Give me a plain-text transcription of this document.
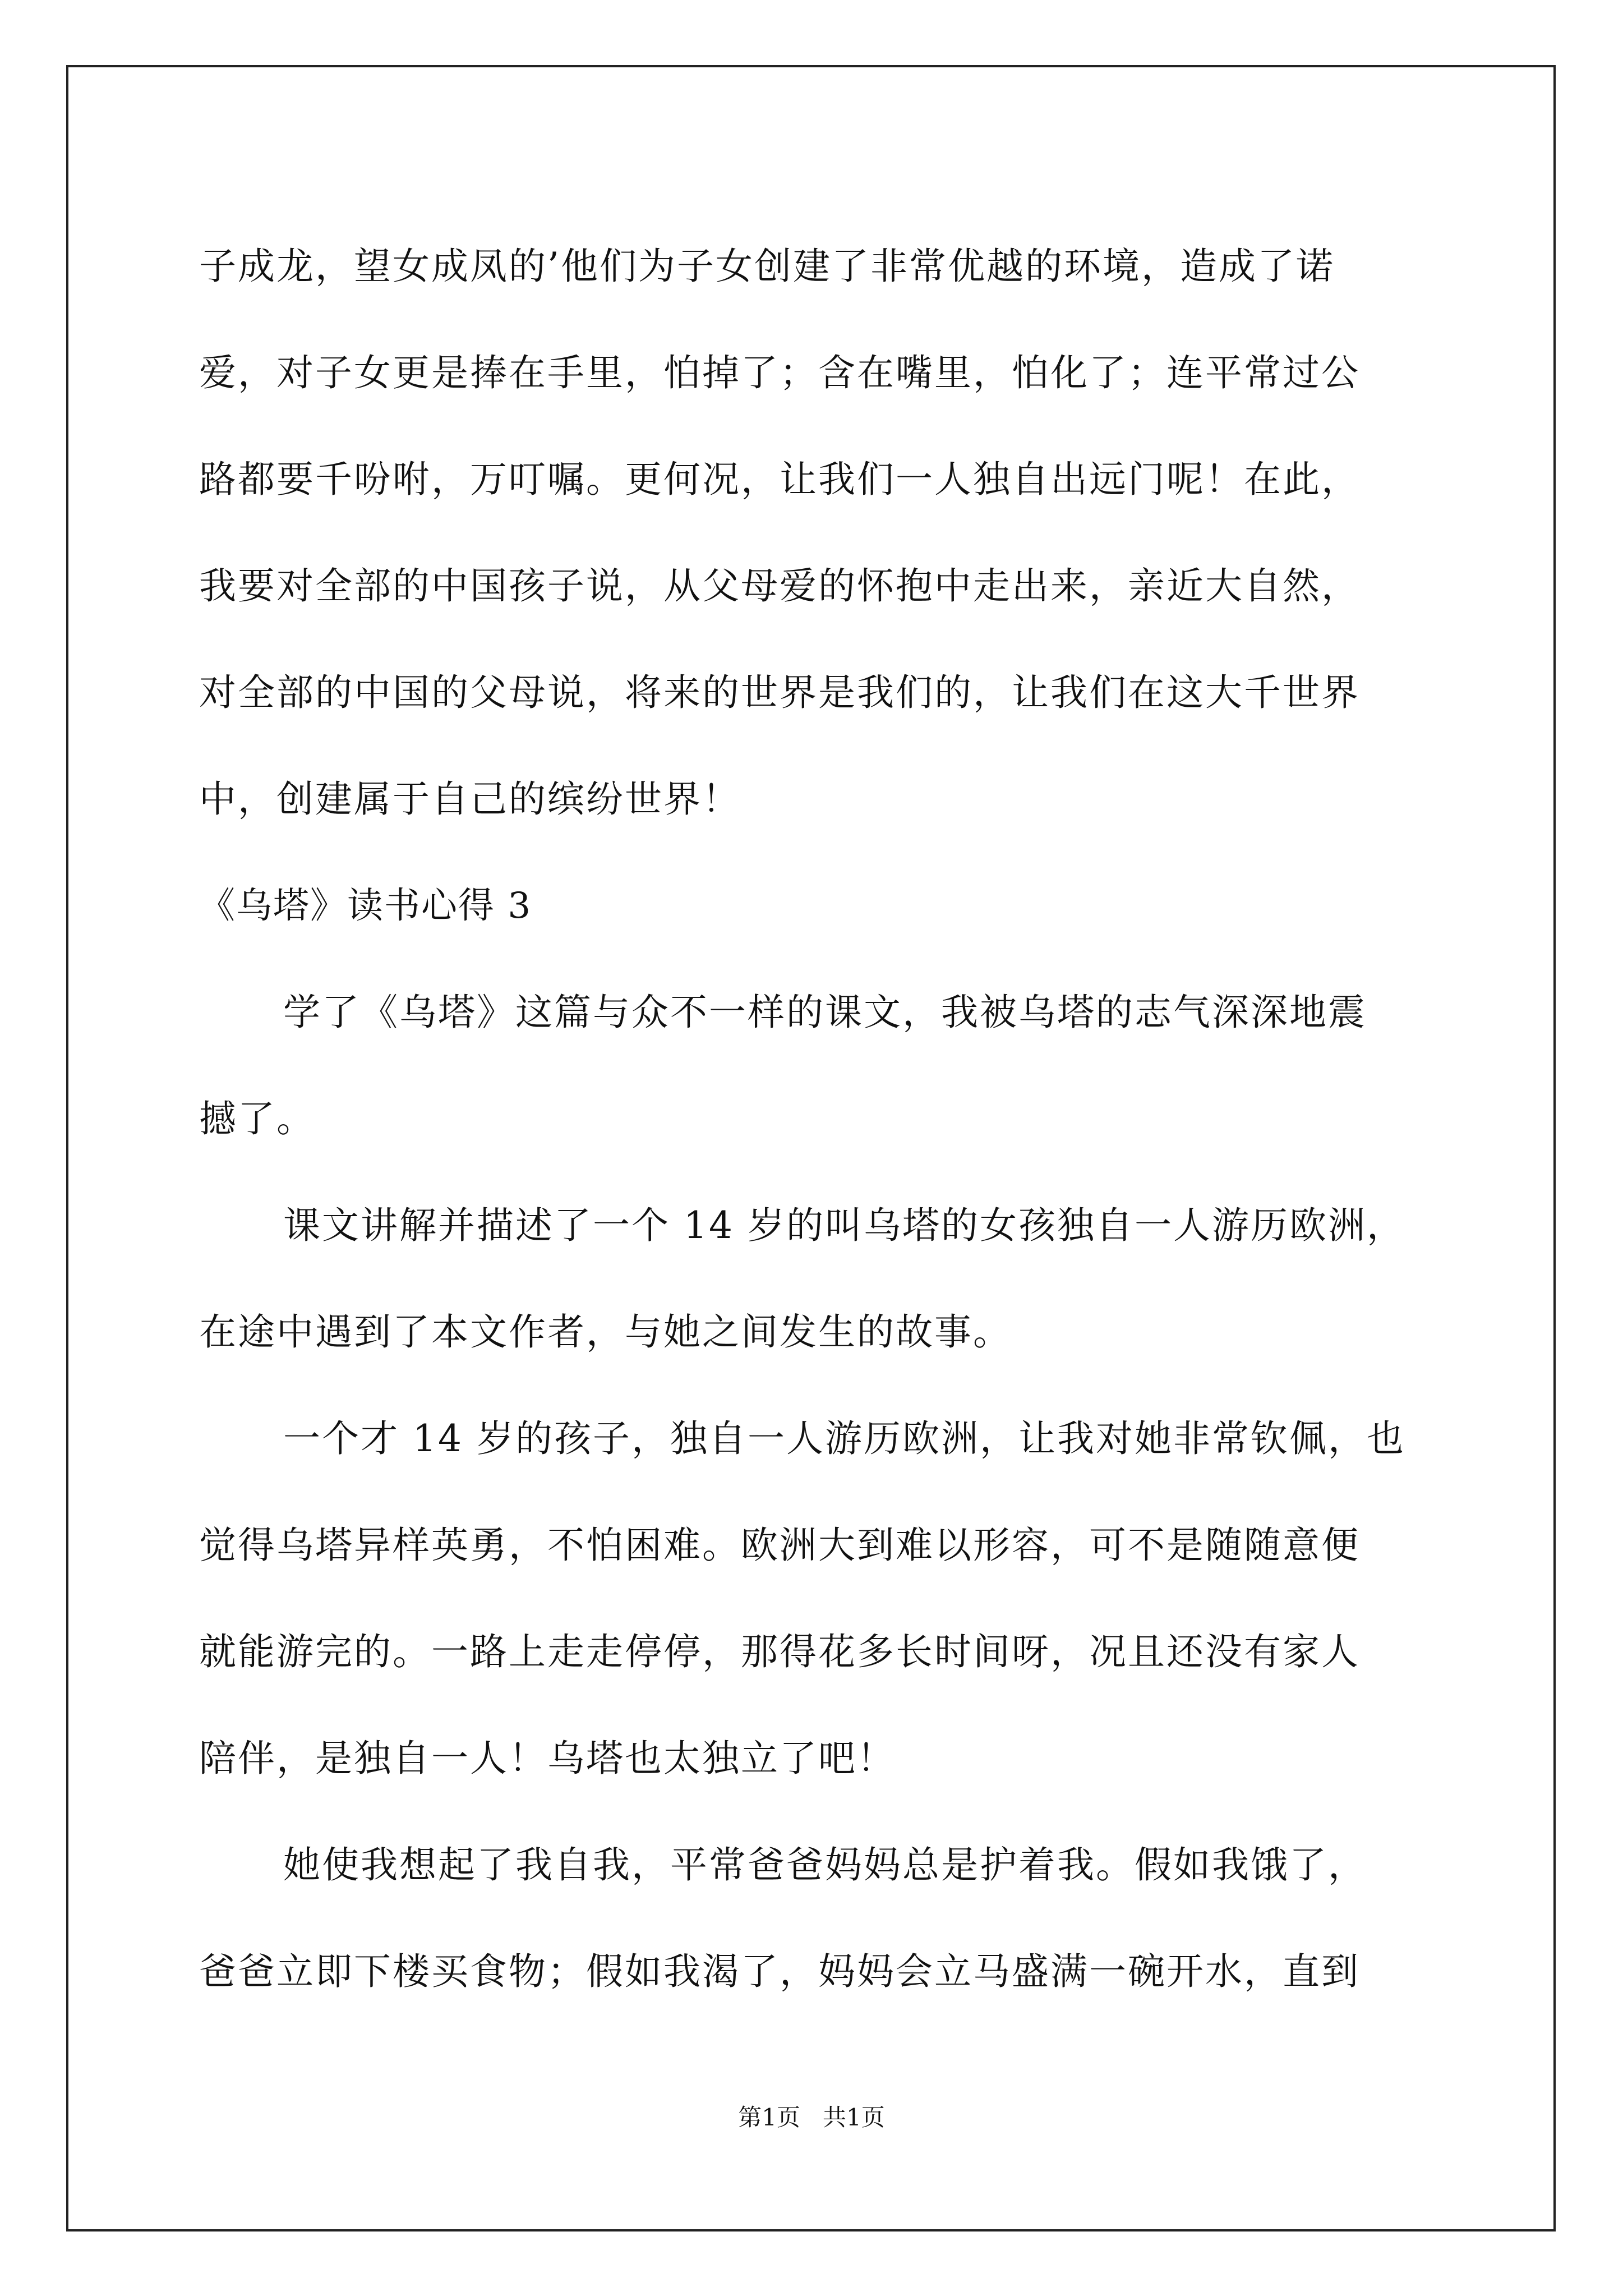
子成龙，望女成凤的’他们为子女创建了非常优越的环境，造成了诺
爱，对子女更是捧在手里，怕掉了；含在嘴里，怕化了；连平常过公
路都要千吩咐，万叮嘱。更何况，让我们一人独自出远门呢！在此，
我要对全部的中国孩子说，从父母爱的怀抱中走出来，亲近大自然，
对全部的中国的父母说，将来的世界是我们的，让我们在这大千世界
中，创建属于自己的缤纷世界！
《乌塔》读书心得 3
学了《乌塔》这篇与众不一样的课文，我被乌塔的志气深深地震
撼了。
课文讲解并描述了一个 14 岁的叫乌塔的女孩独自一人游历欧洲，
在途中遇到了本文作者，与她之间发生的故事。
一个才 14 岁的孩子，独自一人游历欧洲，让我对她非常钦佩，也
觉得乌塔异样英勇，不怕困难。欧洲大到难以形容，可不是随随意便
就能游完的。一路上走走停停，那得花多长时间呀，况且还没有家人
陪伴，是独自一人！乌塔也太独立了吧！
她使我想起了我自我，平常爸爸妈妈总是护着我。假如我饿了，
爸爸立即下楼买食物；假如我渴了，妈妈会立马盛满一碗开水，直到
第1页   共1页
